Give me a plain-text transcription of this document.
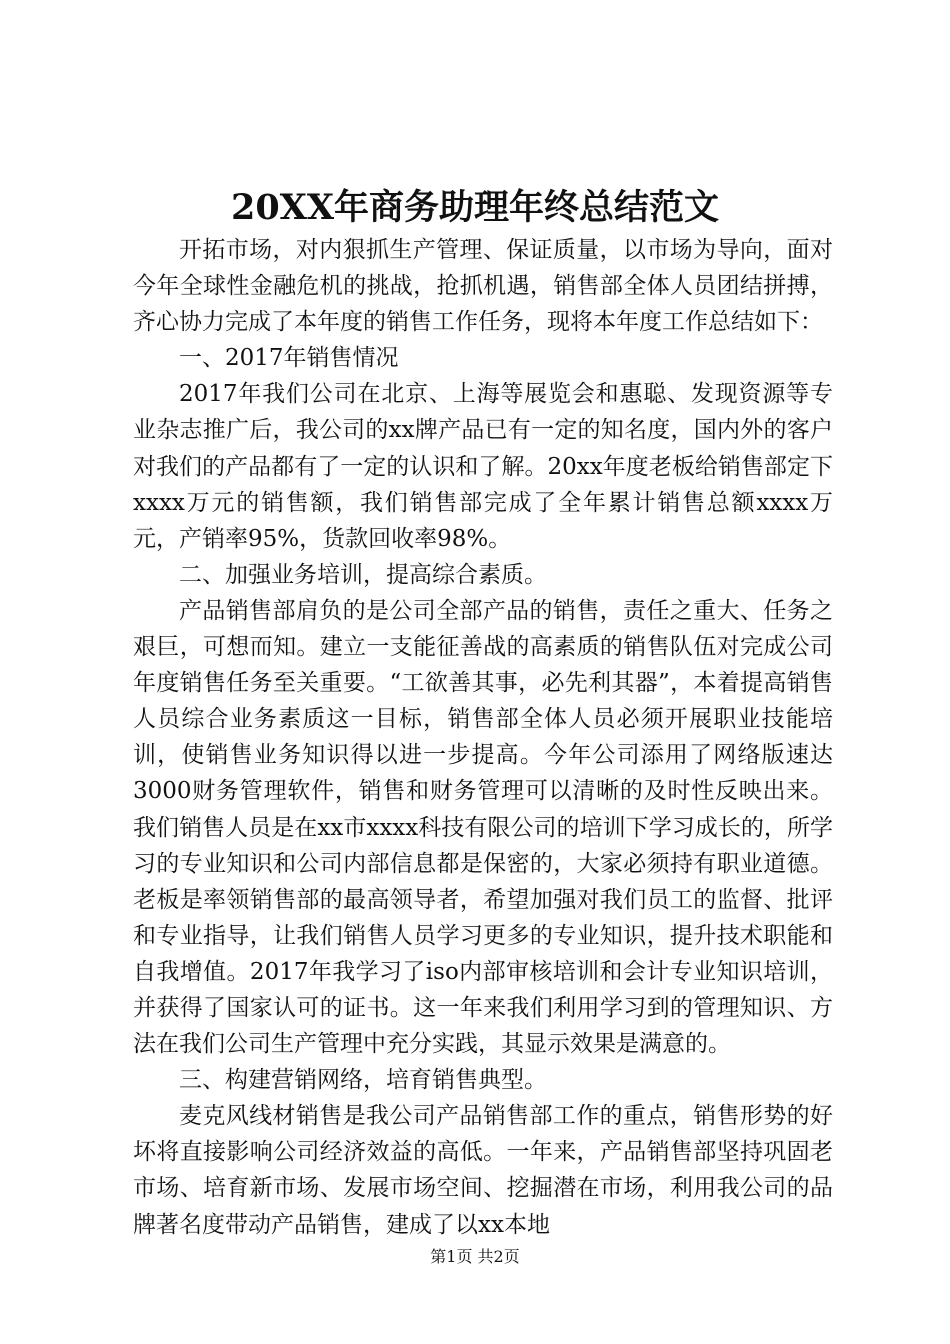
20XX年商务助理年终总结范文

开拓市场，对内狠抓生产管理、保证质量，以市场为导向，面对今年全球性金融危机的挑战，抢抓机遇，销售部全体人员团结拼搏，齐心协力完成了本年度的销售工作任务，现将本年度工作总结如下：

一、2017年销售情况

2017年我们公司在北京、上海等展览会和惠聪、发现资源等专业杂志推广后，我公司的xx牌产品已有一定的知名度，国内外的客户对我们的产品都有了一定的认识和了解。20xx年度老板给销售部定下xxxx万元的销售额，我们销售部完成了全年累计销售总额xxxx万元，产销率95%，货款回收率98%。

二、加强业务培训，提高综合素质。

产品销售部肩负的是公司全部产品的销售，责任之重大、任务之艰巨，可想而知。建立一支能征善战的高素质的销售队伍对完成公司年度销售任务至关重要。“工欲善其事，必先利其器”，本着提高销售人员综合业务素质这一目标，销售部全体人员必须开展职业技能培训，使销售业务知识得以进一步提高。今年公司添用了网络版速达3000财务管理软件，销售和财务管理可以清晰的及时性反映出来。我们销售人员是在xx市xxxx科技有限公司的培训下学习成长的，所学习的专业知识和公司内部信息都是保密的，大家必须持有职业道德。老板是率领销售部的最高领导者，希望加强对我们员工的监督、批评和专业指导，让我们销售人员学习更多的专业知识，提升技术职能和自我增值。2017年我学习了iso内部审核培训和会计专业知识培训，并获得了国家认可的证书。这一年来我们利用学习到的管理知识、方法在我们公司生产管理中充分实践，其显示效果是满意的。

三、构建营销网络，培育销售典型。

麦克风线材销售是我公司产品销售部工作的重点，销售形势的好坏将直接影响公司经济效益的高低。一年来，产品销售部坚持巩固老市场、培育新市场、发展市场空间、挖掘潜在市场，利用我公司的品牌著名度带动产品销售，建成了以xx本地

第1页 共2页
